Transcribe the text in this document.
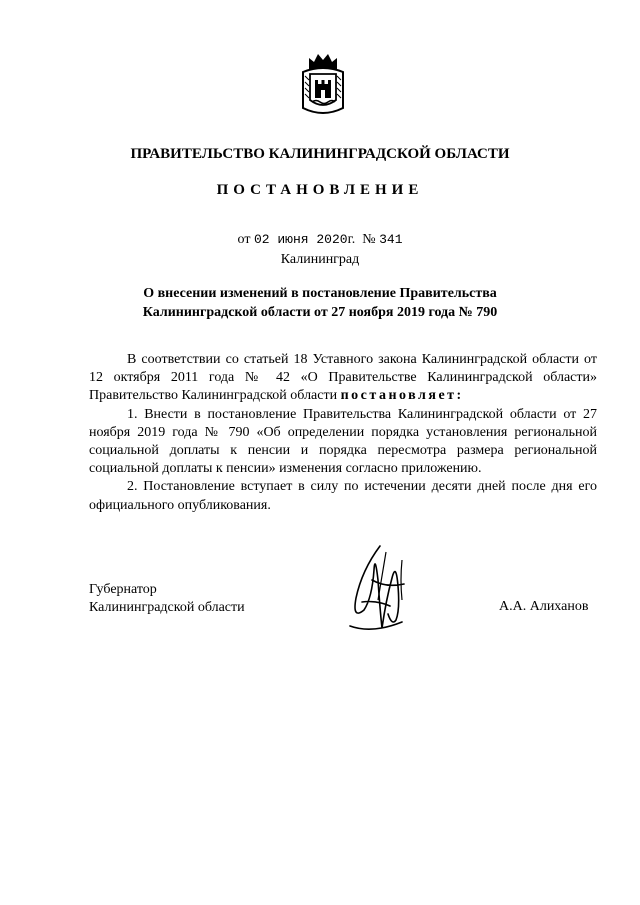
ПРАВИТЕЛЬСТВО КАЛИНИНГРАДСКОЙ ОБЛАСТИ
ПОСТАНОВЛЕНИЕ
от 02 июня 2020г. № 341
Калининград
О внесении изменений в постановление Правительства
Калининградской области от 27 ноября 2019 года № 790

В соответствии со статьей 18 Уставного закона Калининградской области от 12 октября 2011 года № 42 «О Правительстве Калининградской области» Правительство Калининградской области постановляет:

1. Внести в постановление Правительства Калининградской области от 27 ноября 2019 года № 790 «Об определении порядка установления региональной социальной доплаты к пенсии и порядка пересмотра размера региональной социальной доплаты к пенсии» изменения согласно приложению.

2. Постановление вступает в силу по истечении десяти дней после дня его официального опубликования.

Губернатор
Калининградской области	А.А. Алиханов
